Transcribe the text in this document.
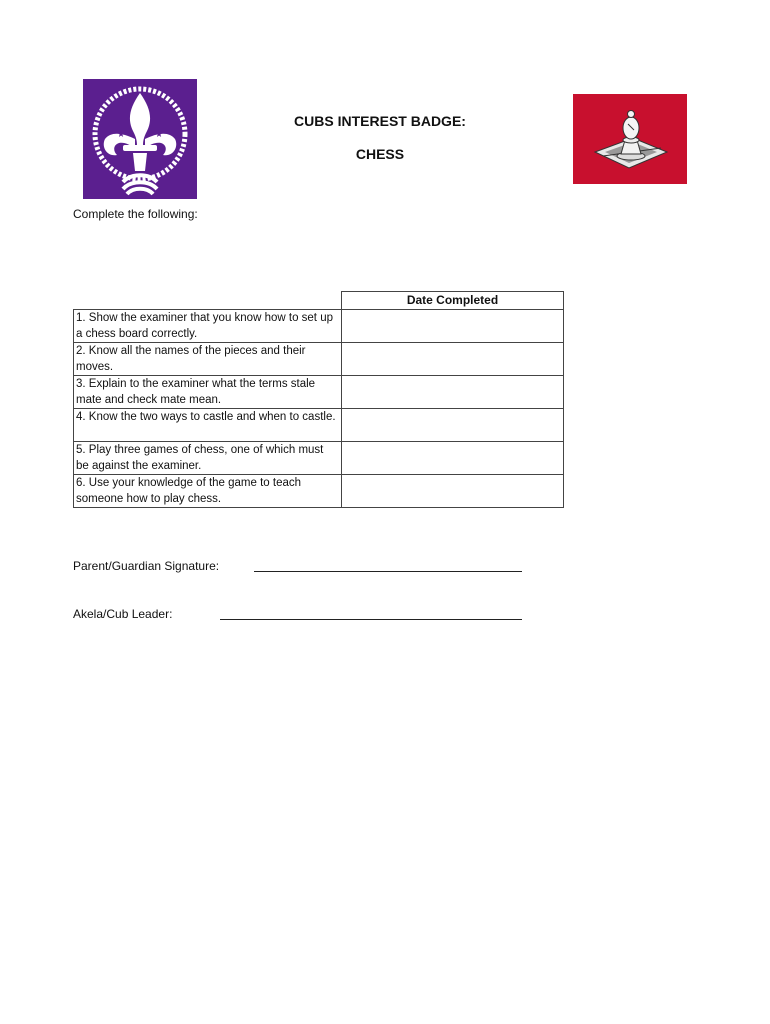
★	★
CUBS INTEREST BADGE:
CHESS
Complete the following:
	Date Completed
1. Show the examiner that you know how to set up a chess board correctly.	
2. Know all the names of the pieces and their moves.	
3. Explain to the examiner what the terms stale mate and check mate mean.	
4. Know the two ways to castle and when to castle.	
5. Play three games of chess, one of which must be against the examiner.	
6. Use your knowledge of the game to teach someone how to play chess.	
Parent/Guardian Signature:
Akela/Cub Leader:
